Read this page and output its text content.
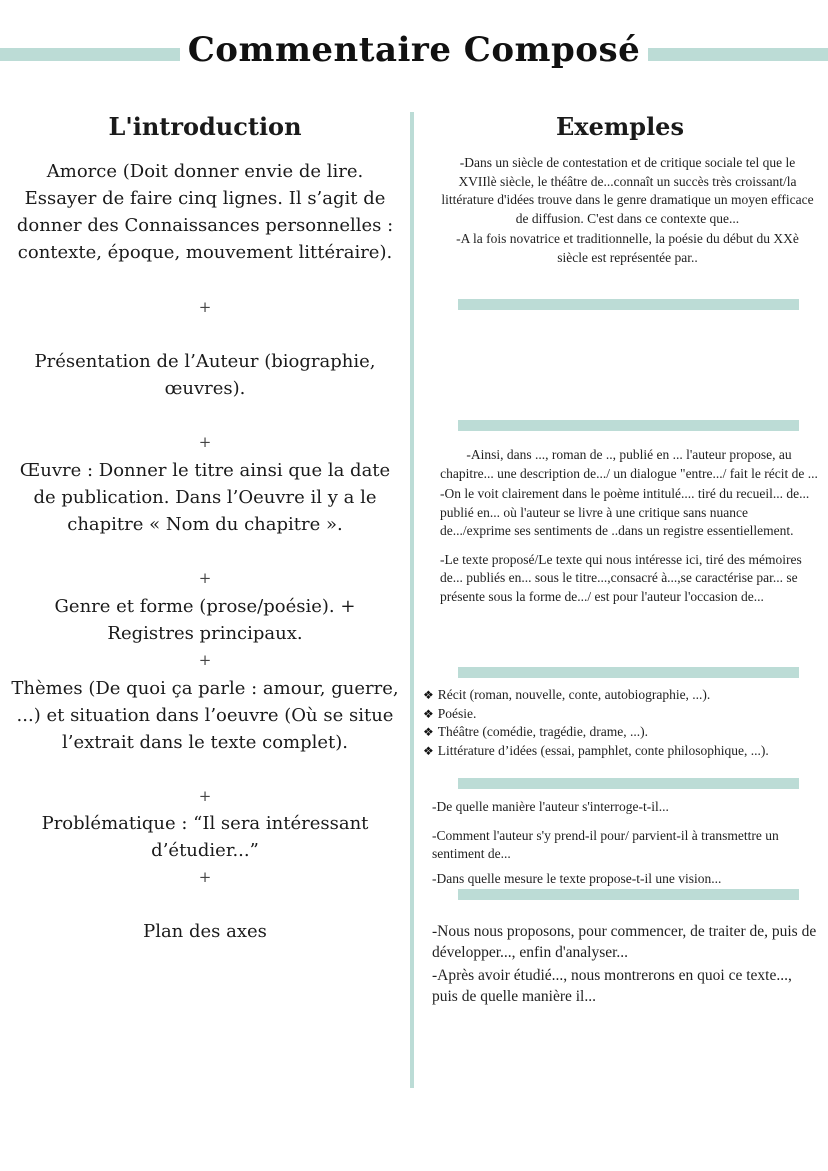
Commentaire Composé
L'introduction	Exemples
Amorce (Doit donner envie de lire. Essayer de faire cinq lignes. Il s’agit de donner des Connaissances personnelles : contexte, époque, mouvement littéraire).
+
Présentation de l’Auteur (biographie, œuvres).
+
Œuvre : Donner le titre ainsi que la date de publication. Dans l’Oeuvre il y a le chapitre « Nom du chapitre ».
+
Genre et forme (prose/poésie). + Registres principaux.
+
Thèmes (De quoi ça parle : amour, guerre, ...) et situation dans l’oeuvre (Où se situe l’extrait dans le texte complet).
+
Problématique : “Il sera intéressant d’étudier...”
+
Plan des axes

-Dans un siècle de contestation et de critique sociale tel que le XVIIlè siècle, le théâtre de...connaît un succès très croissant/la littérature d'idées trouve dans le genre dramatique un moyen efficace de diffusion. C'est dans ce contexte que...

-A la fois novatrice et traditionnelle, la poésie du début du XXè siècle est représentée par..

-Ainsi, dans ..., roman de .., publié en ... l'auteur propose, au chapitre... une description de.../ un dialogue "entre.../ fait le récit de ...

-On le voit clairement dans le poème intitulé.... tiré du recueil... de... publié en... où l'auteur se livre à une critique sans nuance de.../exprime ses sentiments de ..dans un registre essentiellement.

-Le texte proposé/Le texte qui nous intéresse ici, tiré des mémoires de... publiés en... sous le titre...,consacré à...,se caractérise par... se présente sous la forme de.../ est pour l'auteur l'occasion de...

❖ Récit (roman, nouvelle, conte, autobiographie, ...).
❖ Poésie.
❖ Théâtre (comédie, tragédie, drame, ...).
❖ Littérature d’idées (essai, pamphlet, conte philosophique, ...).

-De quelle manière l'auteur s'interroge-t-il...

-Comment l'auteur s'y prend-il pour/ parvient-il à transmettre un sentiment de...

-Dans quelle mesure le texte propose-t-il une vision...

-Nous nous proposons, pour commencer, de traiter de, puis de développer..., enfin d'analyser...

-Après avoir étudié..., nous montrerons en quoi ce texte..., puis de quelle manière il...
